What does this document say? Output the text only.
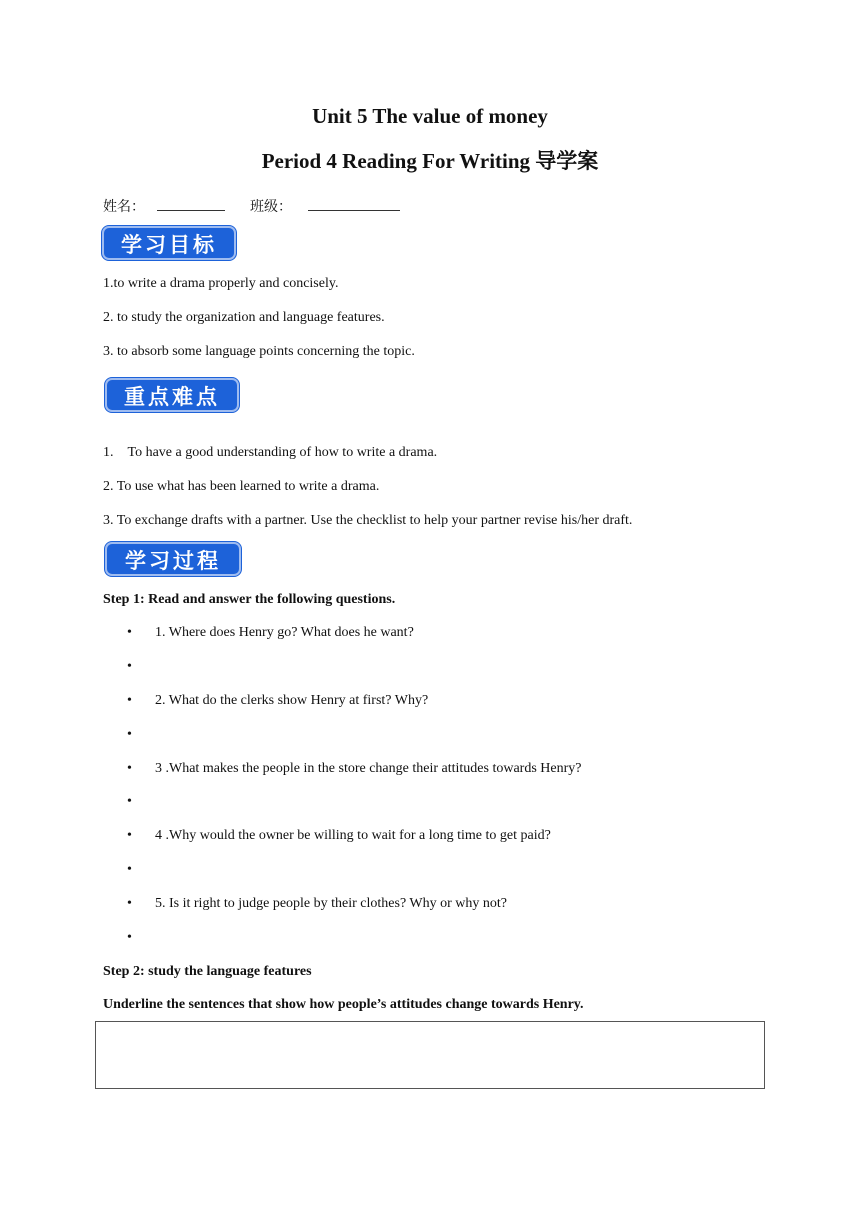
Unit 5 The value of money
Period 4 Reading For Writing 导学案
姓名：	班级：
学习目标
1.to write a drama properly and concisely.
2. to study the organization and language features.
3. to absorb some language points concerning the topic.
重点难点
1.    To have a good understanding of how to write a drama.
2. To use what has been learned to write a drama.
3. To exchange drafts with a partner. Use the checklist to help your partner revise his/her draft.
学习过程
Step 1: Read and answer the following questions.
• 1. Where does Henry go? What does he want?
•
• 2. What do the clerks show Henry at first? Why?
•
• 3 .What makes the people in the store change their attitudes towards Henry?
•
• 4 .Why would the owner be willing to wait for a long time to get paid?
•
• 5. Is it right to judge people by their clothes? Why or why not?
•
Step 2: study the language features
Underline the sentences that show how people’s attitudes change towards Henry.
